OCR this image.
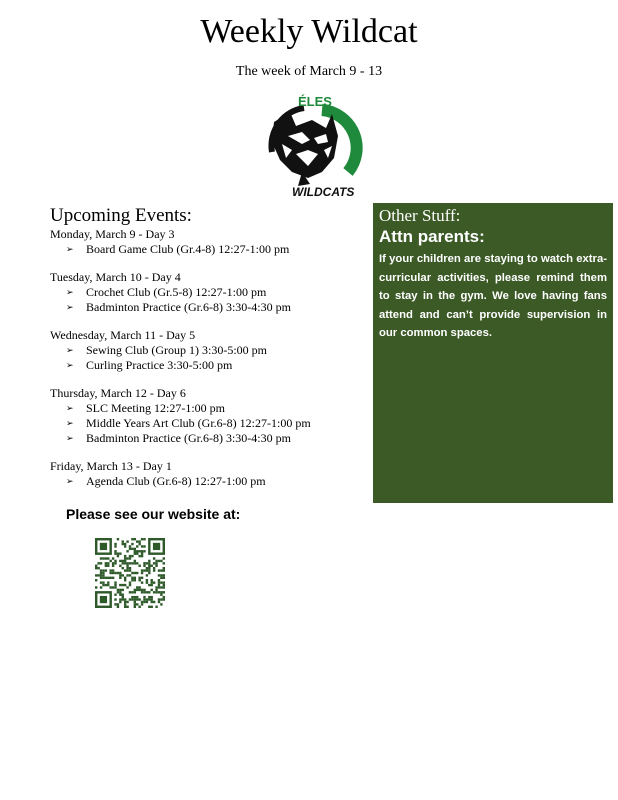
Weekly Wildcat
The week of March 9 - 13
ÉLES
WILDCATS
Upcoming Events:
Monday, March 9 - Day 3
➢ Board Game Club (Gr.4-8) 12:27-1:00 pm
Tuesday, March 10 - Day 4
➢ Crochet Club (Gr.5-8) 12:27-1:00 pm
➢ Badminton Practice (Gr.6-8) 3:30-4:30 pm
Wednesday, March 11 - Day 5
➢ Sewing Club (Group 1) 3:30-5:00 pm
➢ Curling Practice 3:30-5:00 pm
Thursday, March 12 - Day 6
➢ SLC Meeting 12:27-1:00 pm
➢ Middle Years Art Club (Gr.6-8) 12:27-1:00 pm
➢ Badminton Practice (Gr.6-8) 3:30-4:30 pm
Friday, March 13 - Day 1
➢ Agenda Club (Gr.6-8) 12:27-1:00 pm
Please see our website at:
Other Stuff:
Attn parents:
If your children are staying to watch extra-curricular activities, please remind them to stay in the gym. We love having fans attend and can’t provide supervision in our common spaces.
